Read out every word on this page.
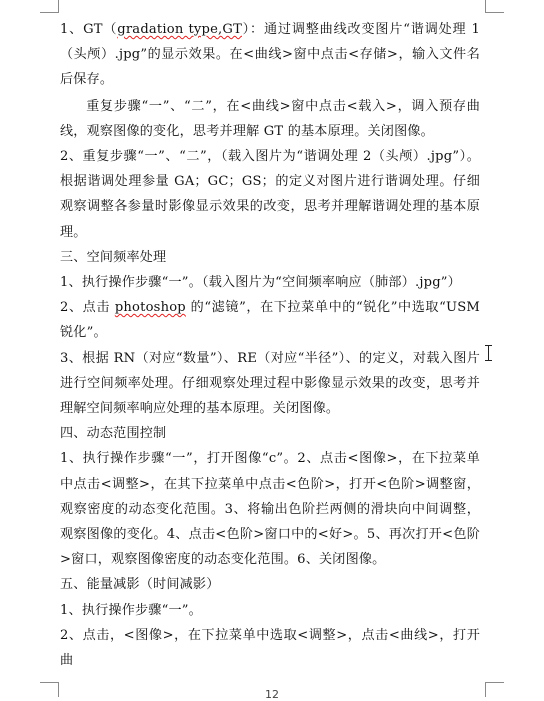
1、GT（gradation type,GT）：通过调整曲线改变图片“谐调处理 1（头颅）.jpg”的显示效果。在<曲线>窗中点击<存储>，输入文件名后保存。

重复步骤“一”、“二”，在<曲线>窗中点击<载入>，调入预存曲线，观察图像的变化，思考并理解 GT 的基本原理。关闭图像。

2、重复步骤“一”、“二”，（载入图片为“谐调处理 2（头颅）.jpg”）。根据谐调处理参量 GA；GC；GS；的定义对图片进行谐调处理。仔细观察调整各参量时影像显示效果的改变，思考并理解谐调处理的基本原理。

三、空间频率处理

1、执行操作步骤“一”。（载入图片为“空间频率响应（肺部）.jpg”）

2、点击 photoshop 的“滤镜”，在下拉菜单中的“锐化”中选取“USM 锐化”。

3、根据 RN（对应“数量”）、RE（对应“半径”）、的定义，对载入图片进行空间频率处理。仔细观察处理过程中影像显示效果的改变，思考并理解空间频率响应处理的基本原理。关闭图像。

四、动态范围控制

1、执行操作步骤“一”，打开图像“c”。2、点击<图像>，在下拉菜单中点击<调整>，在其下拉菜单中点击<色阶>，打开<色阶>调整窗，观察密度的动态变化范围。3、将输出色阶拦两侧的滑块向中间调整，观察图像的变化。4、点击<色阶>窗口中的<好>。5、再次打开<色阶>窗口，观察图像密度的动态变化范围。6、关闭图像。

五、能量减影（时间减影）

1、执行操作步骤“一”。

2、点击，<图像>，在下拉菜单中选取<调整>，点击<曲线>，打开曲

12
